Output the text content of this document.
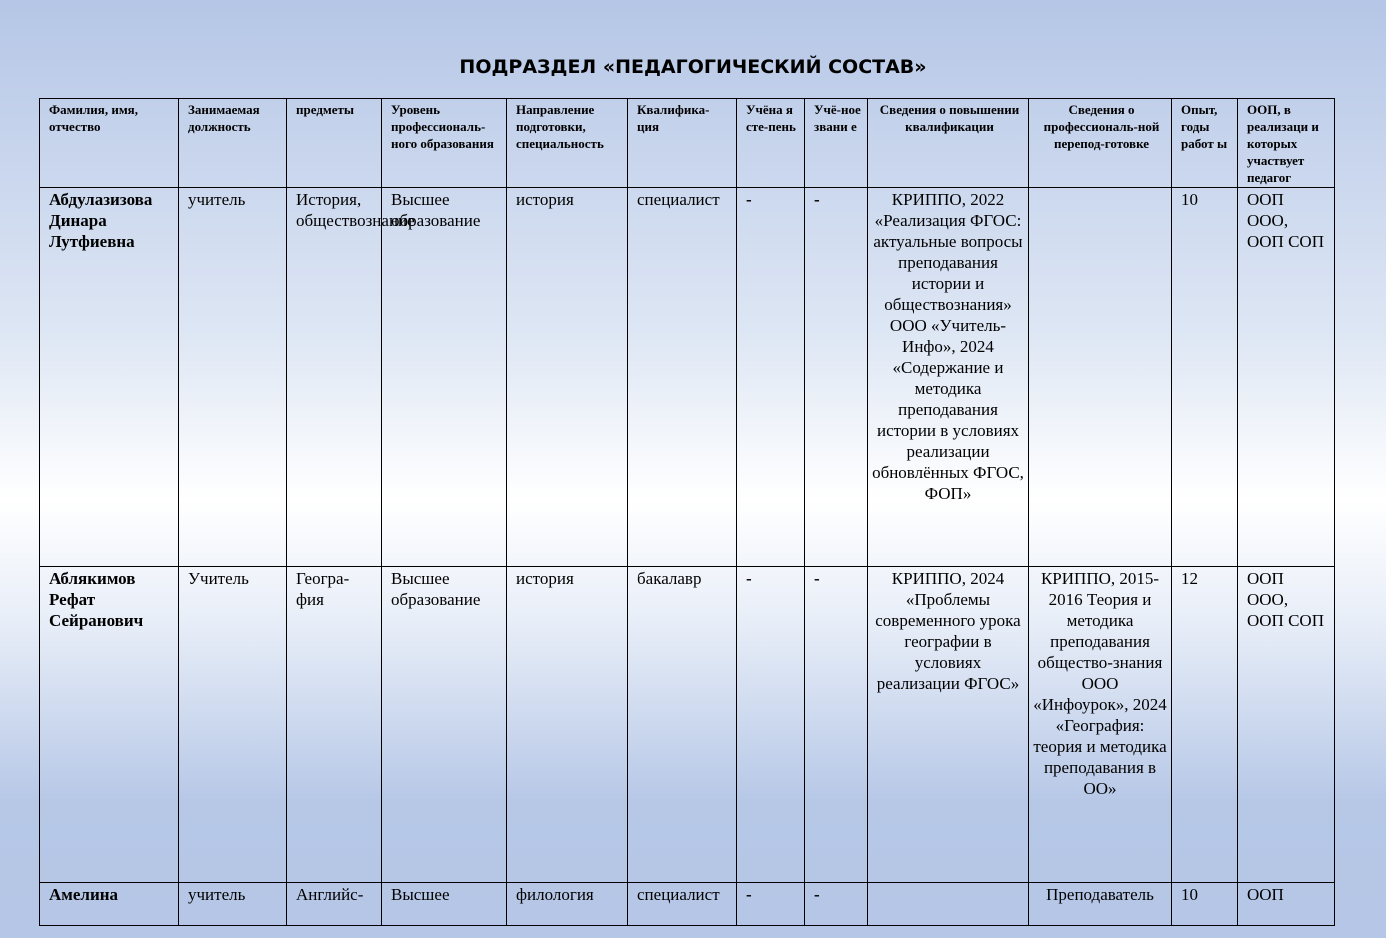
ПОДРАЗДЕЛ «ПЕДАГОГИЧЕСКИЙ СОСТАВ»
Фамилия, имя, отчество	Занимаемая должность	предметы	Уровень профессиональ-ного образования	Направление подготовки, специальность	Квалифика-ция	Учёна я сте-пень	Учё-ное звани е	Сведения о повышении квалификации	Сведения о профессиональ-ной перепод-готовке	Опыт, годы работ ы	ООП, в реализаци и которых участвует педагог
Абдулазизова Динара Лутфиевна	учитель	История, обществознание	Высшее образование	история	специалист	-	-	КРИППО, 2022 «Реализация ФГОС: актуальные вопросы преподавания истории и обществознания» ООО «Учитель-Инфо», 2024 «Содержание и методика преподавания истории в условиях реализации обновлённых ФГОС, ФОП»		10	ООП ООО, ООП СОП
Аблякимов Рефат Сейранович	Учитель	Геогра-фия	Высшее образование	история	бакалавр	-	-	КРИППО, 2024 «Проблемы современного урока географии в условиях реализации ФГОС»	КРИППО, 2015-2016 Теория и методика преподавания общество-знания ООО «Инфоурок», 2024 «География: теория и методика преподавания в ОО»	12	ООП ООО, ООП СОП
Амелина	учитель	Английс-	Высшее	филология	специалист	-	-		Преподаватель	10	ООП
